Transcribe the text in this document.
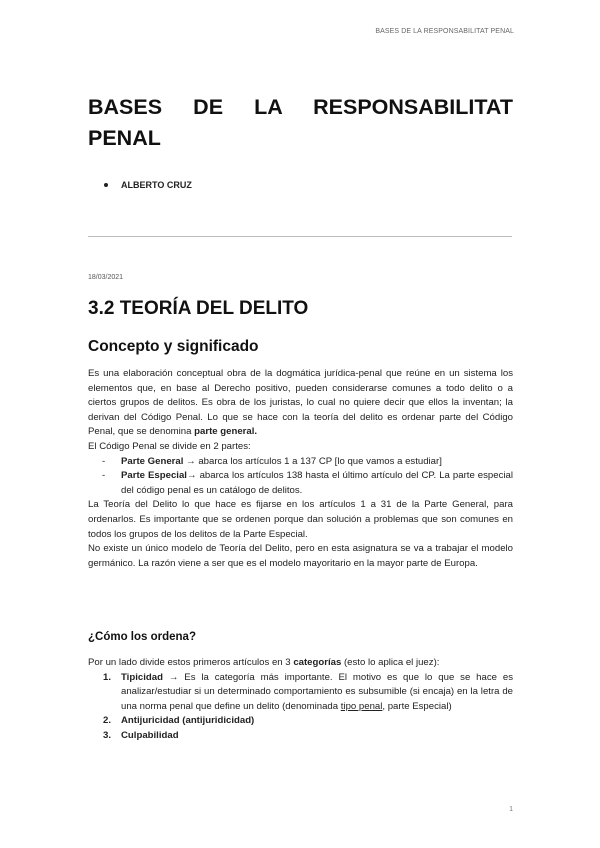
BASES DE LA RESPONSABILITAT PENAL
BASES DE LA RESPONSABILITAT PENAL
ALBERTO CRUZ
18/03/2021
3.2 TEORÍA DEL DELITO
Concepto y significado

Es una elaboración conceptual obra de la dogmática jurídica-penal que reúne en un sistema los elementos que, en base al Derecho positivo, pueden considerarse comunes a todo delito o a ciertos grupos de delitos. Es obra de los juristas, lo cual no quiere decir que ellos la inventan; la derivan del Código Penal. Lo que se hace con la teoría del delito es ordenar parte del Código Penal, que se denomina parte general.

El Código Penal se divide en 2 partes:

- Parte General → abarca los artículos 1 a 137 CP [lo que vamos a estudiar]
- Parte Especial→ abarca los artículos 138 hasta el último artículo del CP. La parte especial del código penal es un catálogo de delitos.

La Teoría del Delito lo que hace es fijarse en los artículos 1 a 31 de la Parte General, para ordenarlos. Es importante que se ordenen porque dan solución a problemas que son comunes en todos los grupos de los delitos de la Parte Especial.

No existe un único modelo de Teoría del Delito, pero en esta asignatura se va a trabajar el modelo germánico. La razón viene a ser que es el modelo mayoritario en la mayor parte de Europa.

¿Cómo los ordena?

Por un lado divide estos primeros artículos en 3 categorías (esto lo aplica el juez):

1. Tipicidad → Es la categoría más importante. El motivo es que lo que se hace es analizar/estudiar si un determinado comportamiento es subsumible (si encaja) en la letra de una norma penal que define un delito (denominada tipo penal, parte Especial)
2. Antijuricidad (antijuridicidad)
3. Culpabilidad
1
